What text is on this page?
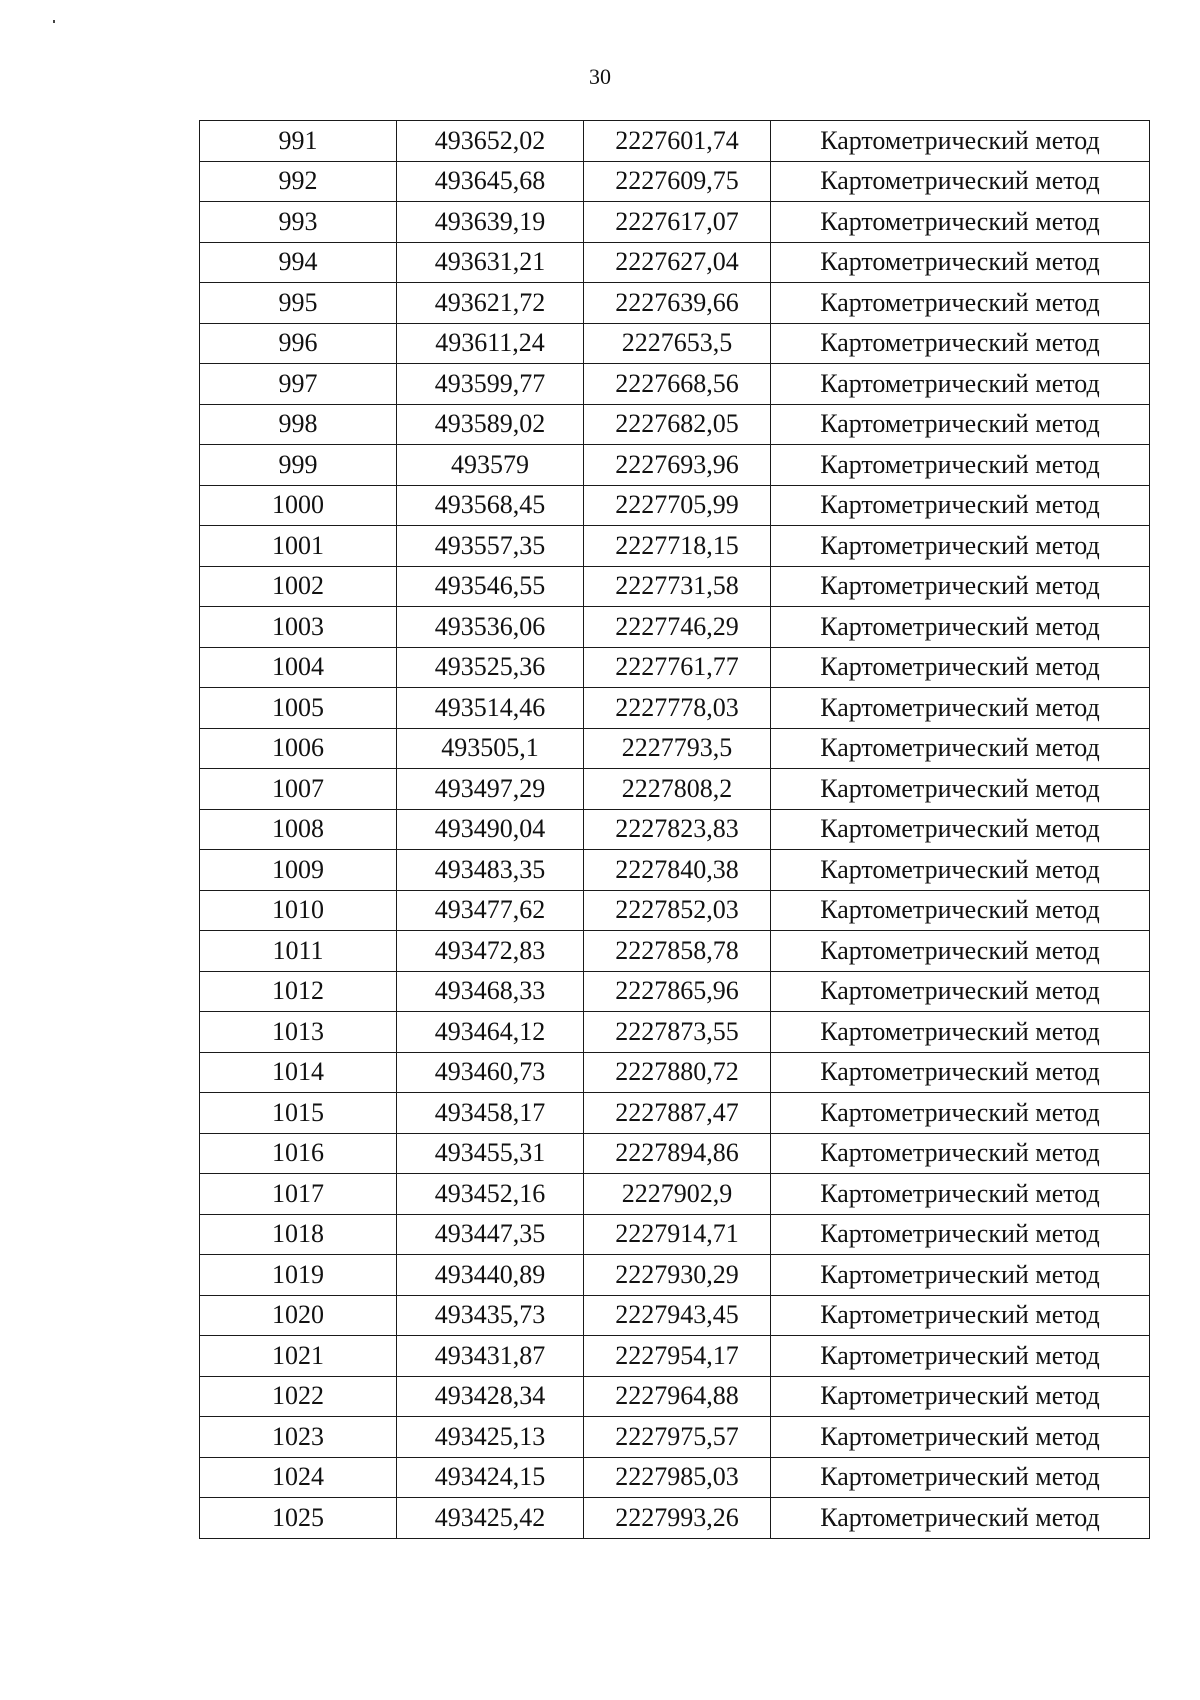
30
991	493652,02	2227601,74	Картометрический метод
992	493645,68	2227609,75	Картометрический метод
993	493639,19	2227617,07	Картометрический метод
994	493631,21	2227627,04	Картометрический метод
995	493621,72	2227639,66	Картометрический метод
996	493611,24	2227653,5	Картометрический метод
997	493599,77	2227668,56	Картометрический метод
998	493589,02	2227682,05	Картометрический метод
999	493579	2227693,96	Картометрический метод
1000	493568,45	2227705,99	Картометрический метод
1001	493557,35	2227718,15	Картометрический метод
1002	493546,55	2227731,58	Картометрический метод
1003	493536,06	2227746,29	Картометрический метод
1004	493525,36	2227761,77	Картометрический метод
1005	493514,46	2227778,03	Картометрический метод
1006	493505,1	2227793,5	Картометрический метод
1007	493497,29	2227808,2	Картометрический метод
1008	493490,04	2227823,83	Картометрический метод
1009	493483,35	2227840,38	Картометрический метод
1010	493477,62	2227852,03	Картометрический метод
1011	493472,83	2227858,78	Картометрический метод
1012	493468,33	2227865,96	Картометрический метод
1013	493464,12	2227873,55	Картометрический метод
1014	493460,73	2227880,72	Картометрический метод
1015	493458,17	2227887,47	Картометрический метод
1016	493455,31	2227894,86	Картометрический метод
1017	493452,16	2227902,9	Картометрический метод
1018	493447,35	2227914,71	Картометрический метод
1019	493440,89	2227930,29	Картометрический метод
1020	493435,73	2227943,45	Картометрический метод
1021	493431,87	2227954,17	Картометрический метод
1022	493428,34	2227964,88	Картометрический метод
1023	493425,13	2227975,57	Картометрический метод
1024	493424,15	2227985,03	Картометрический метод
1025	493425,42	2227993,26	Картометрический метод
